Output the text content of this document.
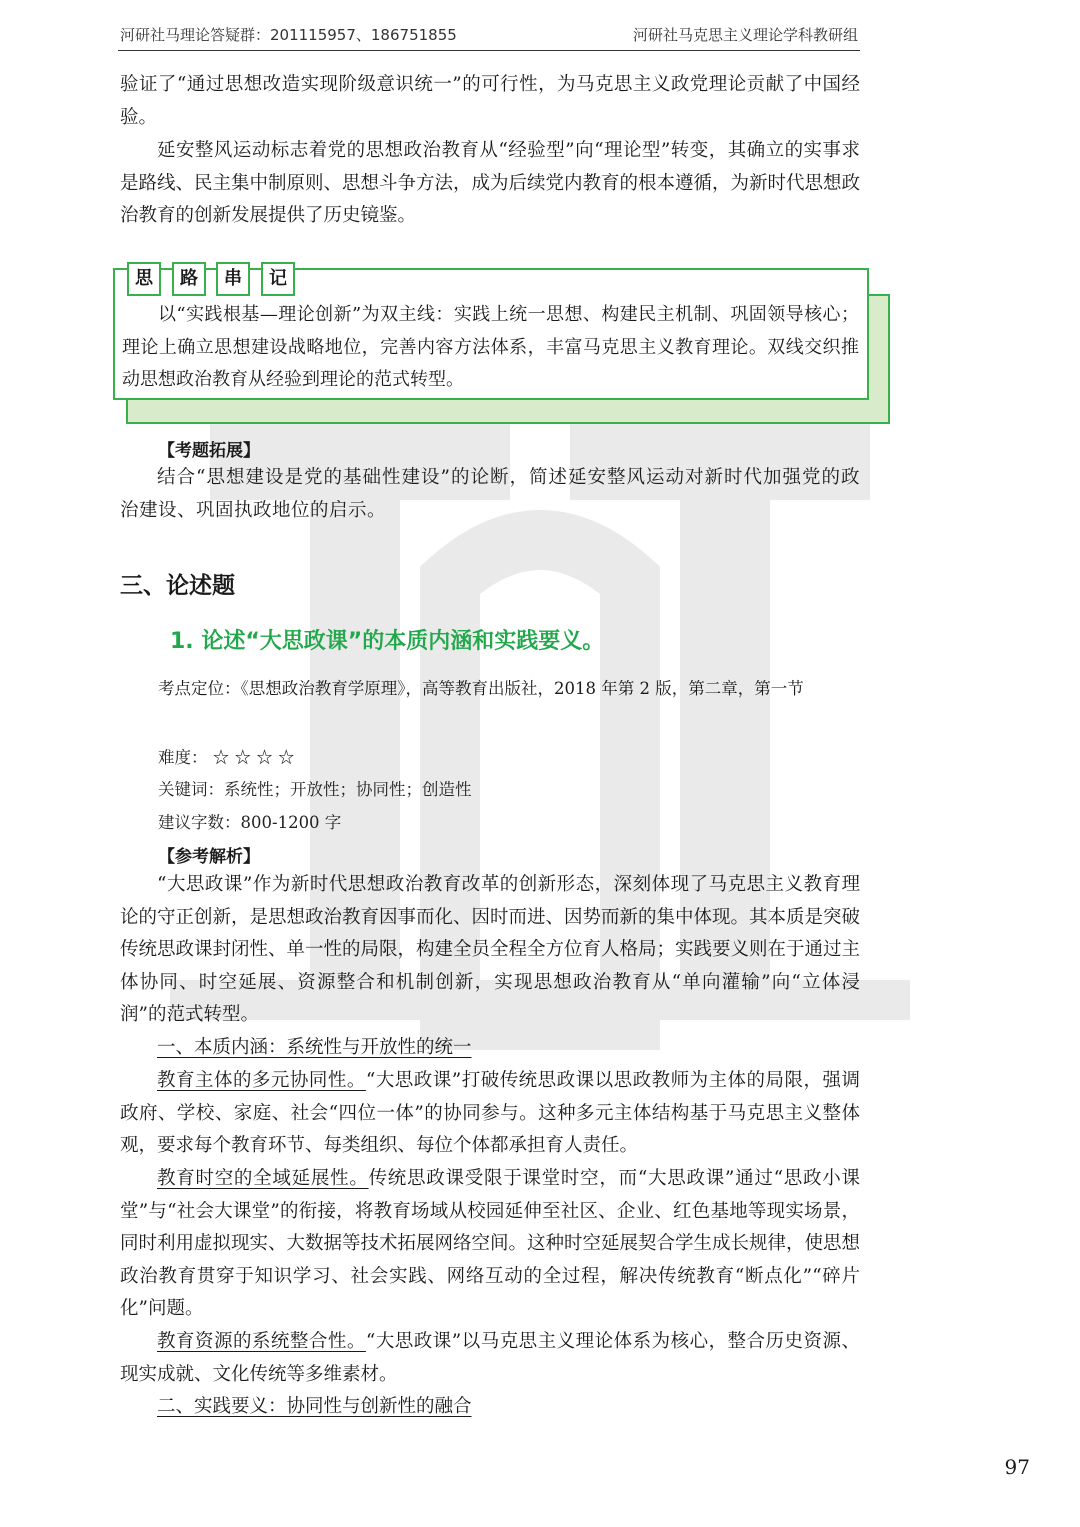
河研社马理论答疑群：201115957、186751855	河研社马克思主义理论学科教研组

验证了“通过思想改造实现阶级意识统一”的可行性，为马克思主义政党理论贡献了中国经验。

延安整风运动标志着党的思想政治教育从“经验型”向“理论型”转变，其确立的实事求是路线、民主集中制原则、思想斗争方法，成为后续党内教育的根本遵循，为新时代思想政治教育的创新发展提供了历史镜鉴。

思	路	串	记

以“实践根基—理论创新”为双主线：实践上统一思想、构建民主机制、巩固领导核心；理论上确立思想建设战略地位，完善内容方法体系，丰富马克思主义教育理论。双线交织推动思想政治教育从经验到理论的范式转型。

【考题拓展】

结合“思想建设是党的基础性建设”的论断，简述延安整风运动对新时代加强党的政治建设、巩固执政地位的启示。

三、论述题
1. 论述“大思政课”的本质内涵和实践要义。

考点定位：《思想政治教育学原理》，高等教育出版社，2018 年第 2 版，第二章，第一节

难度： ☆ ☆ ☆ ☆
关键词：系统性；开放性；协同性；创造性
建议字数：800-1200 字
【参考解析】

“大思政课”作为新时代思想政治教育改革的创新形态，深刻体现了马克思主义教育理论的守正创新，是思想政治教育因事而化、因时而进、因势而新的集中体现。其本质是突破传统思政课封闭性、单一性的局限，构建全员全程全方位育人格局；实践要义则在于通过主体协同、时空延展、资源整合和机制创新，实现思想政治教育从“单向灌输”向“立体浸润”的范式转型。

一、本质内涵：系统性与开放性的统一

教育主体的多元协同性。“大思政课”打破传统思政课以思政教师为主体的局限，强调政府、学校、家庭、社会“四位一体”的协同参与。这种多元主体结构基于马克思主义整体观，要求每个教育环节、每类组织、每位个体都承担育人责任。

教育时空的全域延展性。传统思政课受限于课堂时空，而“大思政课”通过“思政小课堂”与“社会大课堂”的衔接，将教育场域从校园延伸至社区、企业、红色基地等现实场景，同时利用虚拟现实、大数据等技术拓展网络空间。这种时空延展契合学生成长规律，使思想政治教育贯穿于知识学习、社会实践、网络互动的全过程，解决传统教育“断点化”“碎片化”问题。

教育资源的系统整合性。“大思政课”以马克思主义理论体系为核心，整合历史资源、现实成就、文化传统等多维素材。

二、实践要义：协同性与创新性的融合

97
